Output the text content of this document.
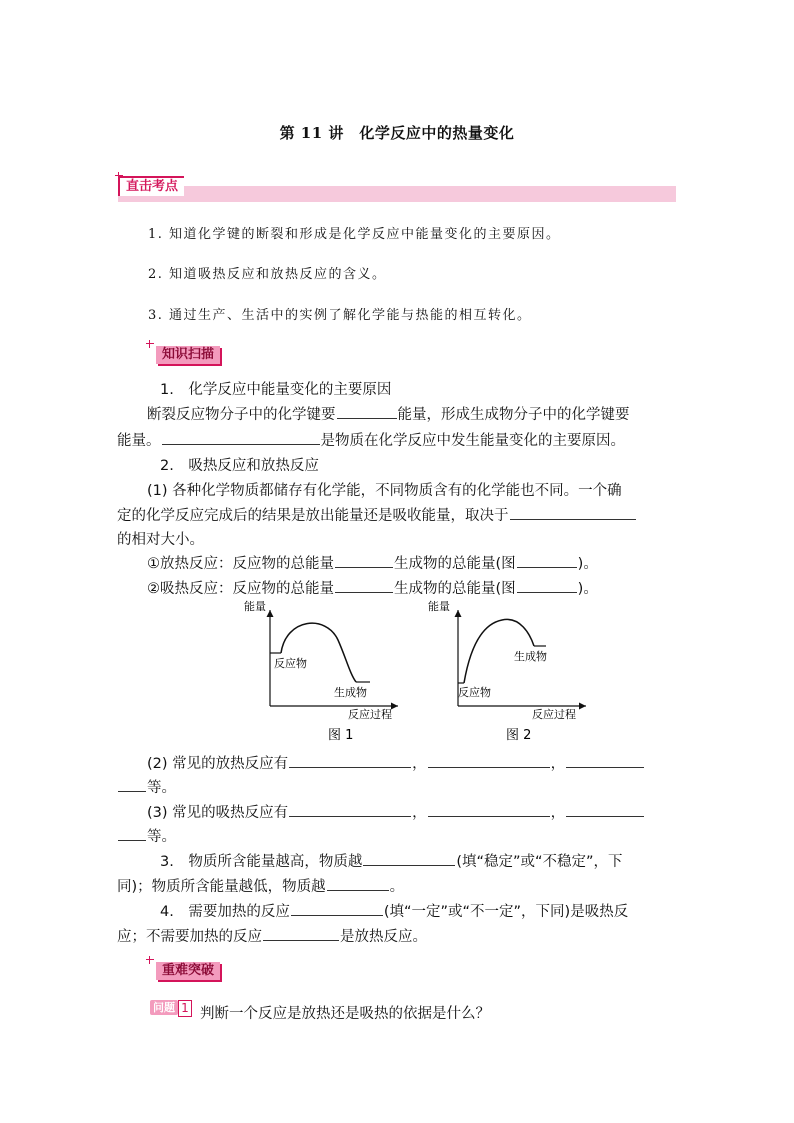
第 11 讲　化学反应中的热量变化
直击考点
1. 知道化学键的断裂和形成是化学反应中能量变化的主要原因。
2. 知道吸热反应和放热反应的含义。
3. 通过生产、生活中的实例了解化学能与热能的相互转化。
知识扫描
1.　化学反应中能量变化的主要原因
断裂反应物分子中的化学键要	能量，形成生成物分子中的化学键要
能量。	是物质在化学反应中发生能量变化的主要原因。
2.　吸热反应和放热反应
(1) 各种化学物质都储存有化学能，不同物质含有的化学能也不同。一个确
定的化学反应完成后的结果是放出能量还是吸收能量，取决于
的相对大小。
①放热反应：反应物的总能量	生成物的总能量(图	)。
②吸热反应：反应物的总能量	生成物的总能量(图	)。
能量
反应过程
反应物
生成物
图 1
能量
反应过程
反应物
生成物
图 2
(2) 常见的放热反应有	，	，
等。
(3) 常见的吸热反应有	，	，
等。
3.　物质所含能量越高，物质越	(填“稳定”或“不稳定”，下
同)；物质所含能量越低，物质越	。
4.　需要加热的反应	(填“一定”或“不一定”，下同)是吸热反
应；不需要加热的反应	是放热反应。
重难突破
问题 1 判断一个反应是放热还是吸热的依据是什么？
